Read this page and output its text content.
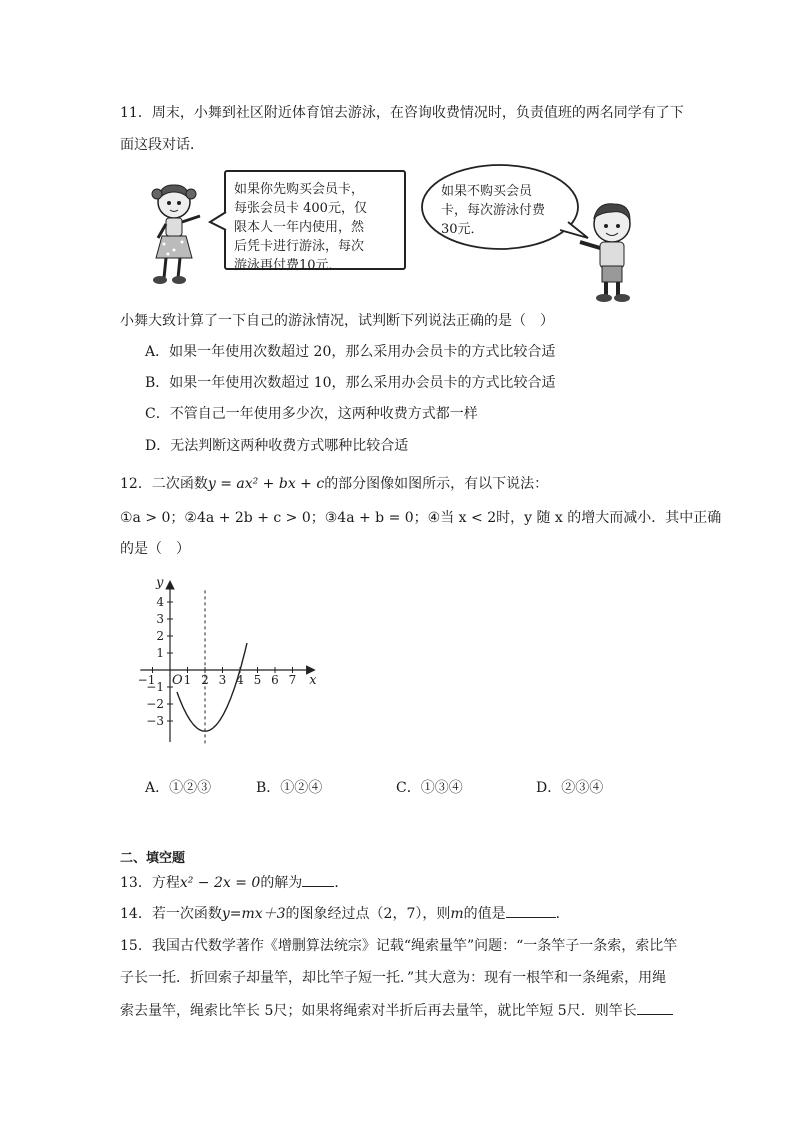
11．周末，小舞到社区附近体育馆去游泳，在咨询收费情况时，负责值班的两名同学有了下
面这段对话．
如果你先购买会员卡，
每张会员卡 400元，仅
限本人一年内使用，然
后凭卡进行游泳，每次
游泳再付费10元．
如果不购买会员
卡，每次游泳付费
30元．
小舞大致计算了一下自己的游泳情况，试判断下列说法正确的是（　）
A．如果一年使用次数超过 20，那么采用办会员卡的方式比较合适
B．如果一年使用次数超过 10，那么采用办会员卡的方式比较合适
C．不管自己一年使用多少次，这两种收费方式都一样
D．无法判断这两种收费方式哪种比较合适
12．二次函数y = ax² + bx + c的部分图像如图所示，有以下说法：
①a > 0；②4a + 2b + c > 0；③4a + b = 0；④当 x < 2时，y 随 x 的增大而减小．其中正确
的是（　）
−1 1 2 3 4 5 6 7
−3
−2
−1
1
2
3
4
x
y
O
A．①②③	B．①②④	C．①③④	D．②③④
二、填空题
13．方程x² − 2x = 0的解为 ．
14．若一次函数y=mx＋3的图象经过点（2，7），则m的值是	．
15．我国古代数学著作《增删算法统宗》记载“绳索量竿”问题：“一条竿子一条索，索比竿
子长一托．折回索子却量竿，却比竿子短一托．”其大意为：现有一根竿和一条绳索，用绳
索去量竿，绳索比竿长 5尺；如果将绳索对半折后再去量竿，就比竿短 5尺．则竿长
